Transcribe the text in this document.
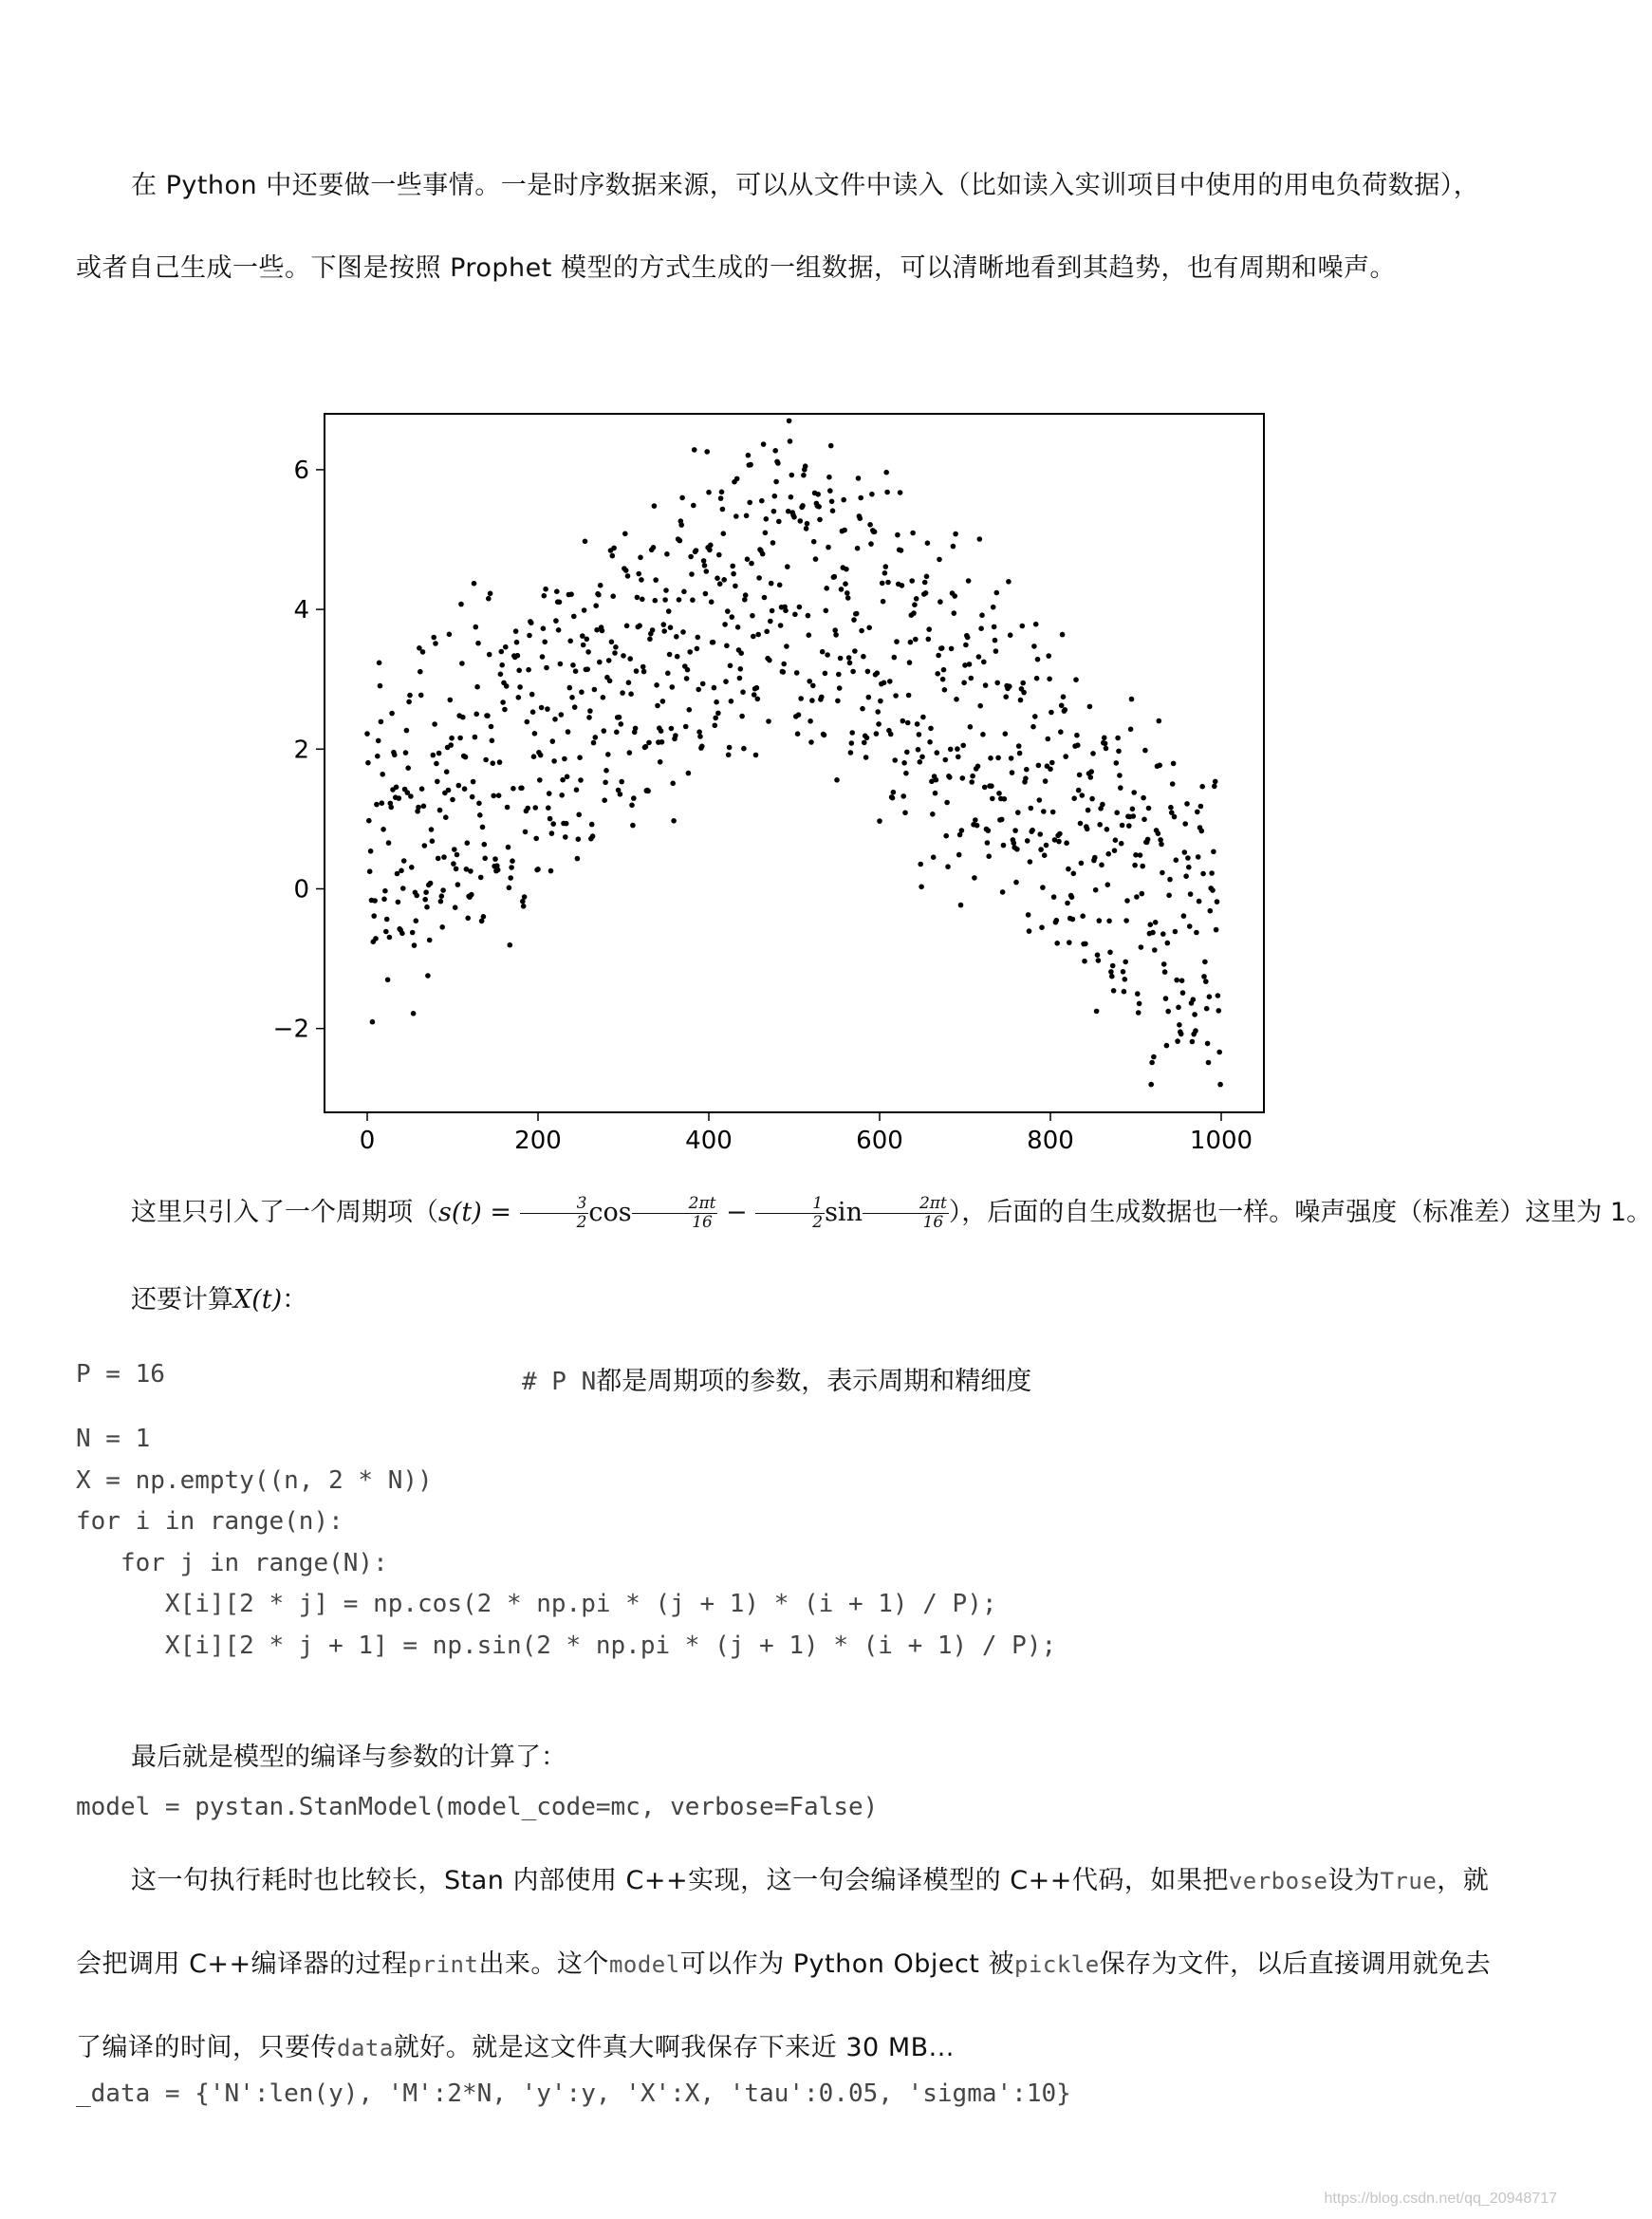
在 Python 中还要做一些事情。一是时序数据来源，可以从文件中读入（比如读入实训项目中使用的用电负荷数据），或者自己生成一些。下图是按照 Prophet 模型的方式生成的一组数据，可以清晰地看到其趋势，也有周期和噪声。

0	200	400	600	800	1000
−2
0
2
4
6

这里只引入了一个周期项（$s(t) = \frac{3}{2}$ $\cos \frac{2\pi t}{16} - \frac{1}{2}$ $\sin \frac{2\pi t}{16}$ ），后面的自生成数据也一样。噪声强度（标准差）这里为 1。

还要计算X(t)：

P = 16	# P N都是周期项的参数，表示周期和精细度
N = 1
X = np.empty((n, 2 * N))
for i in range(n):
for j in range(N):
X[i][2 * j] = np.cos(2 * np.pi * (j + 1) * (i + 1) / P);
X[i][2 * j + 1] = np.sin(2 * np.pi * (j + 1) * (i + 1) / P);

最后就是模型的编译与参数的计算了：

model = pystan.StanModel(model_code=mc, verbose=False)

这一句执行耗时也比较长，Stan 内部使用 C++实现，这一句会编译模型的 C++代码，如果把verbose设为True，就会把调用 C++编译器的过程print出来。这个model可以作为 Python Object 被pickle保存为文件，以后直接调用就免去了编译的时间，只要传data就好。就是这文件真大啊我保存下来近 30 MB...

_data = {'N':len(y), 'M':2*N, 'y':y, 'X':X, 'tau':0.05, 'sigma':10}
https://blog.csdn.net/qq_20948717
